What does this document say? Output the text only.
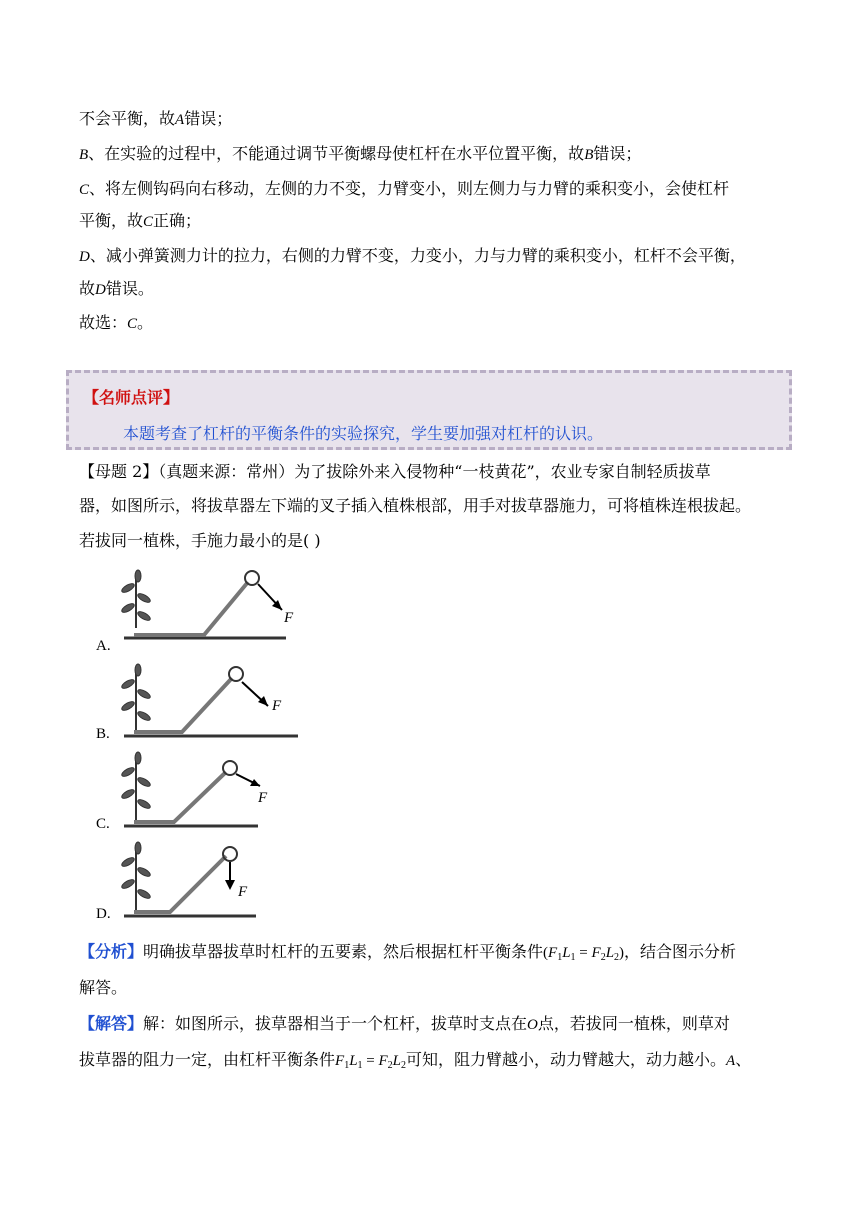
不会平衡，故A错误；
B、在实验的过程中，不能通过调节平衡螺母使杠杆在水平位置平衡，故B错误；
C、将左侧钩码向右移动，左侧的力不变，力臂变小，则左侧力与力臂的乘积变小，会使杠杆
平衡，故C正确；
D、减小弹簧测力计的拉力，右侧的力臂不变，力变小，力与力臂的乘积变小，杠杆不会平衡，
故D错误。
故选：C。
【名师点评】
本题考查了杠杆的平衡条件的实验探究，学生要加强对杠杆的认识。
【母题 2】（真题来源：常州）为了拔除外来入侵物种“一枝黄花”，农业专家自制轻质拔草
器，如图所示，将拔草器左下端的叉子插入植株根部，用手对拔草器施力，可将植株连根拔起。
若拔同一植株，手施力最小的是( )
A.
F
B.
F
C.
F
D.
F
【分析】明确拔草器拔草时杠杆的五要素，然后根据杠杆平衡条件$(F_1L_1 = F_2L_2)$，结合图示分析
解答。
【解答】解：如图所示，拔草器相当于一个杠杆，拔草时支点在O点，若拔同一植株，则草对
拔草器的阻力一定，由杠杆平衡条件$F_1L_1 = F_2L_2$可知，阻力臂越小，动力臂越大，动力越小。A、
